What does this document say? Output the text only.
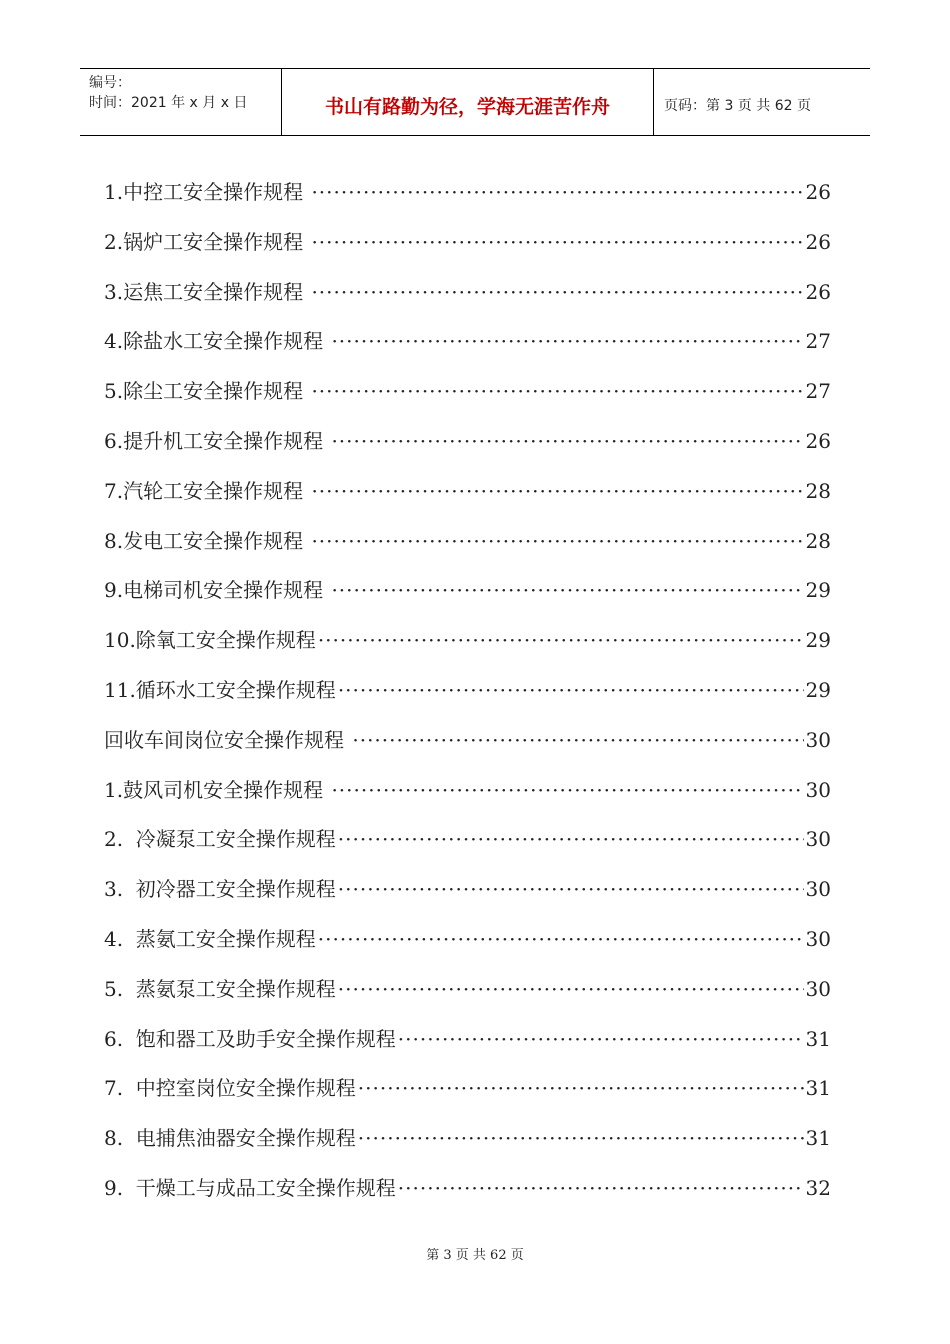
编号：
时间：2021 年 x 月 x 日	书山有路勤为径，学海无涯苦作舟	页码：第 3 页 共 62 页
1.中控工安全操作规程 ·····	26
2.锅炉工安全操作规程 ·····	26
3.运焦工安全操作规程 ·····	26
4.除盐水工安全操作规程 ·····	27
5.除尘工安全操作规程 ·····	27
6.提升机工安全操作规程 ·····	26
7.汽轮工安全操作规程 ·····	28
8.发电工安全操作规程 ·····	28
9.电梯司机安全操作规程 ·····	29
10.除氧工安全操作规程 ·····	29
11.循环水工安全操作规程 ·····	29
回收车间岗位安全操作规程 ·····	30
1.鼓风司机安全操作规程 ·····	30
2.  冷凝泵工安全操作规程 ·····	30
3.  初冷器工安全操作规程 ·····	30
4.  蒸氨工安全操作规程 ·····	30
5.  蒸氨泵工安全操作规程 ·····	30
6.  饱和器工及助手安全操作规程 ·····	31
7.  中控室岗位安全操作规程 ·····	31
8.  电捕焦油器安全操作规程 ·····	31
9.  干燥工与成品工安全操作规程 ·····	32
第 3 页 共 62 页
